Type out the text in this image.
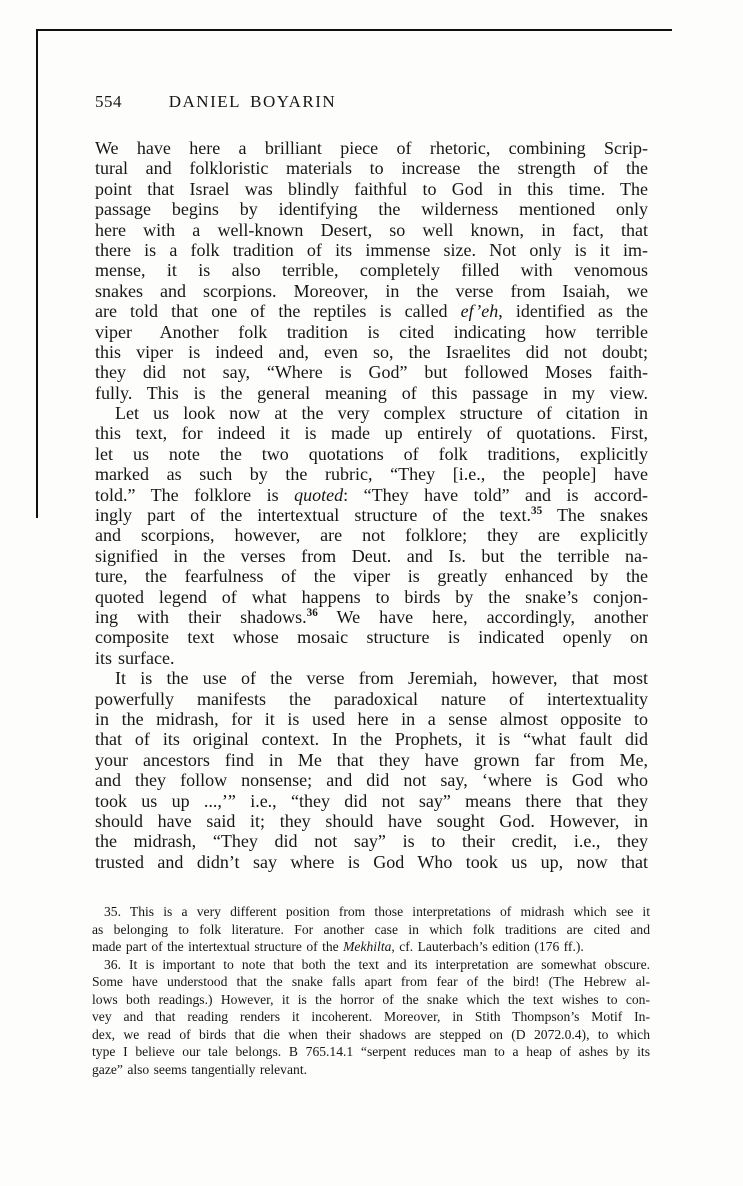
554	DANIEL BOYARIN
We have here a brilliant piece of rhetoric, combining Scrip-
tural and folkloristic materials to increase the strength of the
point that Israel was blindly faithful to God in this time. The
passage begins by identifying the wilderness mentioned only
here with a well-known Desert, so well known, in fact, that
there is a folk tradition of its immense size. Not only is it im-
mense, it is also terrible, completely filled with venomous
snakes and scorpions. Moreover, in the verse from Isaiah, we
are told that one of the reptiles is called ef’eh, identified as the
viper  Another folk tradition is cited indicating how terrible
this viper is indeed and, even so, the Israelites did not doubt;
they did not say, “Where is God” but followed Moses faith-
fully. This is the general meaning of this passage in my view.
Let us look now at the very complex structure of citation in
this text, for indeed it is made up entirely of quotations. First,
let us note the two quotations of folk traditions, explicitly
marked as such by the rubric, “They [i.e., the people] have
told.” The folklore is quoted: “They have told” and is accord-
ingly part of the intertextual structure of the text.$^{35}$ The snakes
and scorpions, however, are not folklore; they are explicitly
signified in the verses from Deut. and Is. but the terrible na-
ture, the fearfulness of the viper is greatly enhanced by the
quoted legend of what happens to birds by the snake’s conjon-
ing with their shadows.$^{36}$ We have here, accordingly, another
composite text whose mosaic structure is indicated openly on
its surface.
It is the use of the verse from Jeremiah, however, that most
powerfully manifests the paradoxical nature of intertextuality
in the midrash, for it is used here in a sense almost opposite to
that of its original context. In the Prophets, it is “what fault did
your ancestors find in Me that they have grown far from Me,
and they follow nonsense; and did not say, ‘where is God who
took us up ...,’” i.e., “they did not say” means there that they
should have said it; they should have sought God. However, in
the midrash, “They did not say” is to their credit, i.e., they
trusted and didn’t say where is God Who took us up, now that
35. This is a very different position from those interpretations of midrash which see it
as belonging to folk literature. For another case in which folk traditions are cited and
made part of the intertextual structure of the Mekhilta, cf. Lauterbach’s edition (176 ff.).
36. It is important to note that both the text and its interpretation are somewhat obscure.
Some have understood that the snake falls apart from fear of the bird! (The Hebrew al-
lows both readings.) However, it is the horror of the snake which the text wishes to con-
vey and that reading renders it incoherent. Moreover, in Stith Thompson’s Motif In-
dex, we read of birds that die when their shadows are stepped on (D 2072.0.4), to which
type I believe our tale belongs. B 765.14.1 “serpent reduces man to a heap of ashes by its
gaze” also seems tangentially relevant.
